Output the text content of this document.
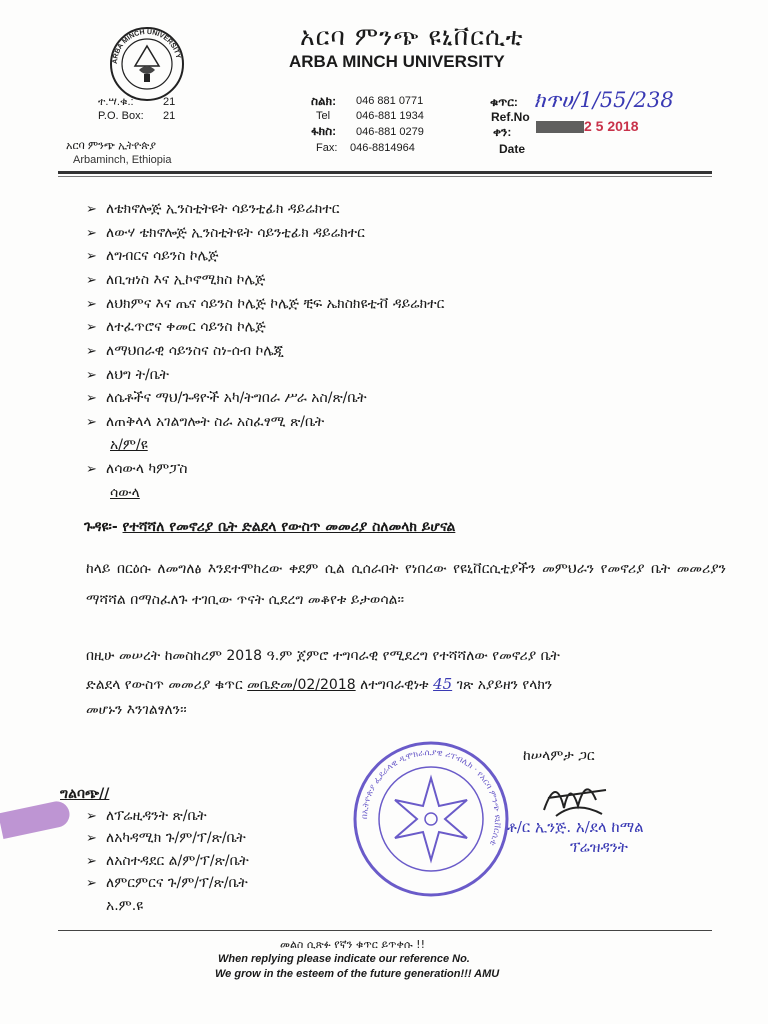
ARBA MINCH UNIVERSITY
አርባ ምንጭ ዩኒቨርሲቲ
ARBA MINCH UNIVERSITY
ተ.ሣ.ቁ.:	21
P.O. Box: 21
አርባ ምንጭ ኢትዮጵያ
Arbaminch, Ethiopia
ስልክ: 046 881 0771
Tel 046-881 1934
ፋክስ: 046-881 0279
Fax: 046-8814964
ቁጥር:
Ref.No
ክጥሀ/1/55/238
ቀን:
Date
2 5 2018
➢ ለቴክኖሎጅ ኢንስቲትዩት ሳይንቲፊክ ዳይሬክተር
➢ ለውሃ ቴክኖሎጅ ኢንስቲትዩት ሳይንቲፊክ ዳይሬክተር
➢ ለግብርና ሳይንስ ኮሌጅ
➢ ለቢዝነስ እና ኢኮኖሚክስ ኮሌጅ
➢ ለህክምና እና ጤና ሳይንስ ኮሌጅ ኮሌጅ ቺፍ ኤክስክዩቲቭ ዳይሬክተር
➢ ለተፈጥሮና ቀመር ሳይንስ ኮሌጅ
➢ ለማህበራዊ ሳይንስና ስነ-ሰብ ኮሌጂ
➢ ለህግ ት/ቤት
➢ ለሴቶችና ማህ/ጉዳዮች አካ/ትግበራ ሥራ አስ/ጽ/ቤት
➢ ለጠቅላላ አገልግሎት ስራ አስፈፃሚ ጽ/ቤት
አ/ም/ዩ
➢ ለሳውላ ካምፓስ
ሳውላ
ጉዳዩ፡- የተሻሻለ የመኖሪያ ቤት ድልደላ የውስጥ መመሪያ ስለመላክ ይሆናል
ከላይ በርዕሱ ለመግለፅ እንደተሞከረው ቀደም ሲል ሲሰራበት የነበረው የዩኒቨርሲቲያችን መምህራን የመኖሪያ ቤት መመሪያን ማሻሻል በማስፈለጉ ተገቢው ጥናት ሲደረግ መቆየቱ ይታወሳል፡፡
በዚሁ መሠረት ከመስከረም 2018 ዓ.ም ጀምሮ ተግባራዊ የሚደረግ የተሻሻለው የመኖሪያ ቤት
ድልደላ የውስጥ መመሪያ ቁጥር መቤድመ/02/2018 ለተግባራዊነቱ 45 ገጽ አያይዘን የላክን
መሆኑን እንገልፃለን፡፡
ከሠላምታ ጋር
በኢትዮጵያ ፌደራላዊ ዲሞክራሲያዊ ሪፐብሊክ · የአርባ ምንጭ ዩኒቨርሲቲ
ቶ/ር ኢንጅ. አ/ደላ ከማል
ፕሬዝዳንት
ግልባጭ//
➢ ለፕሬዚዳንት ጽ/ቤት
➢ ለአካዳሚክ ጉ/ም/ፕ/ጽ/ቤት
➢ ለአስተዳደር ል/ም/ፕ/ጽ/ቤት
➢ ለምርምርና ጉ/ም/ፕ/ጽ/ቤት
አ.ም.ዩ
መልስ ሲጽፉ የኛን ቁጥር ይጥቀሱ !!
When replying please indicate our reference No.
We grow in the esteem of the future generation!!! AMU
